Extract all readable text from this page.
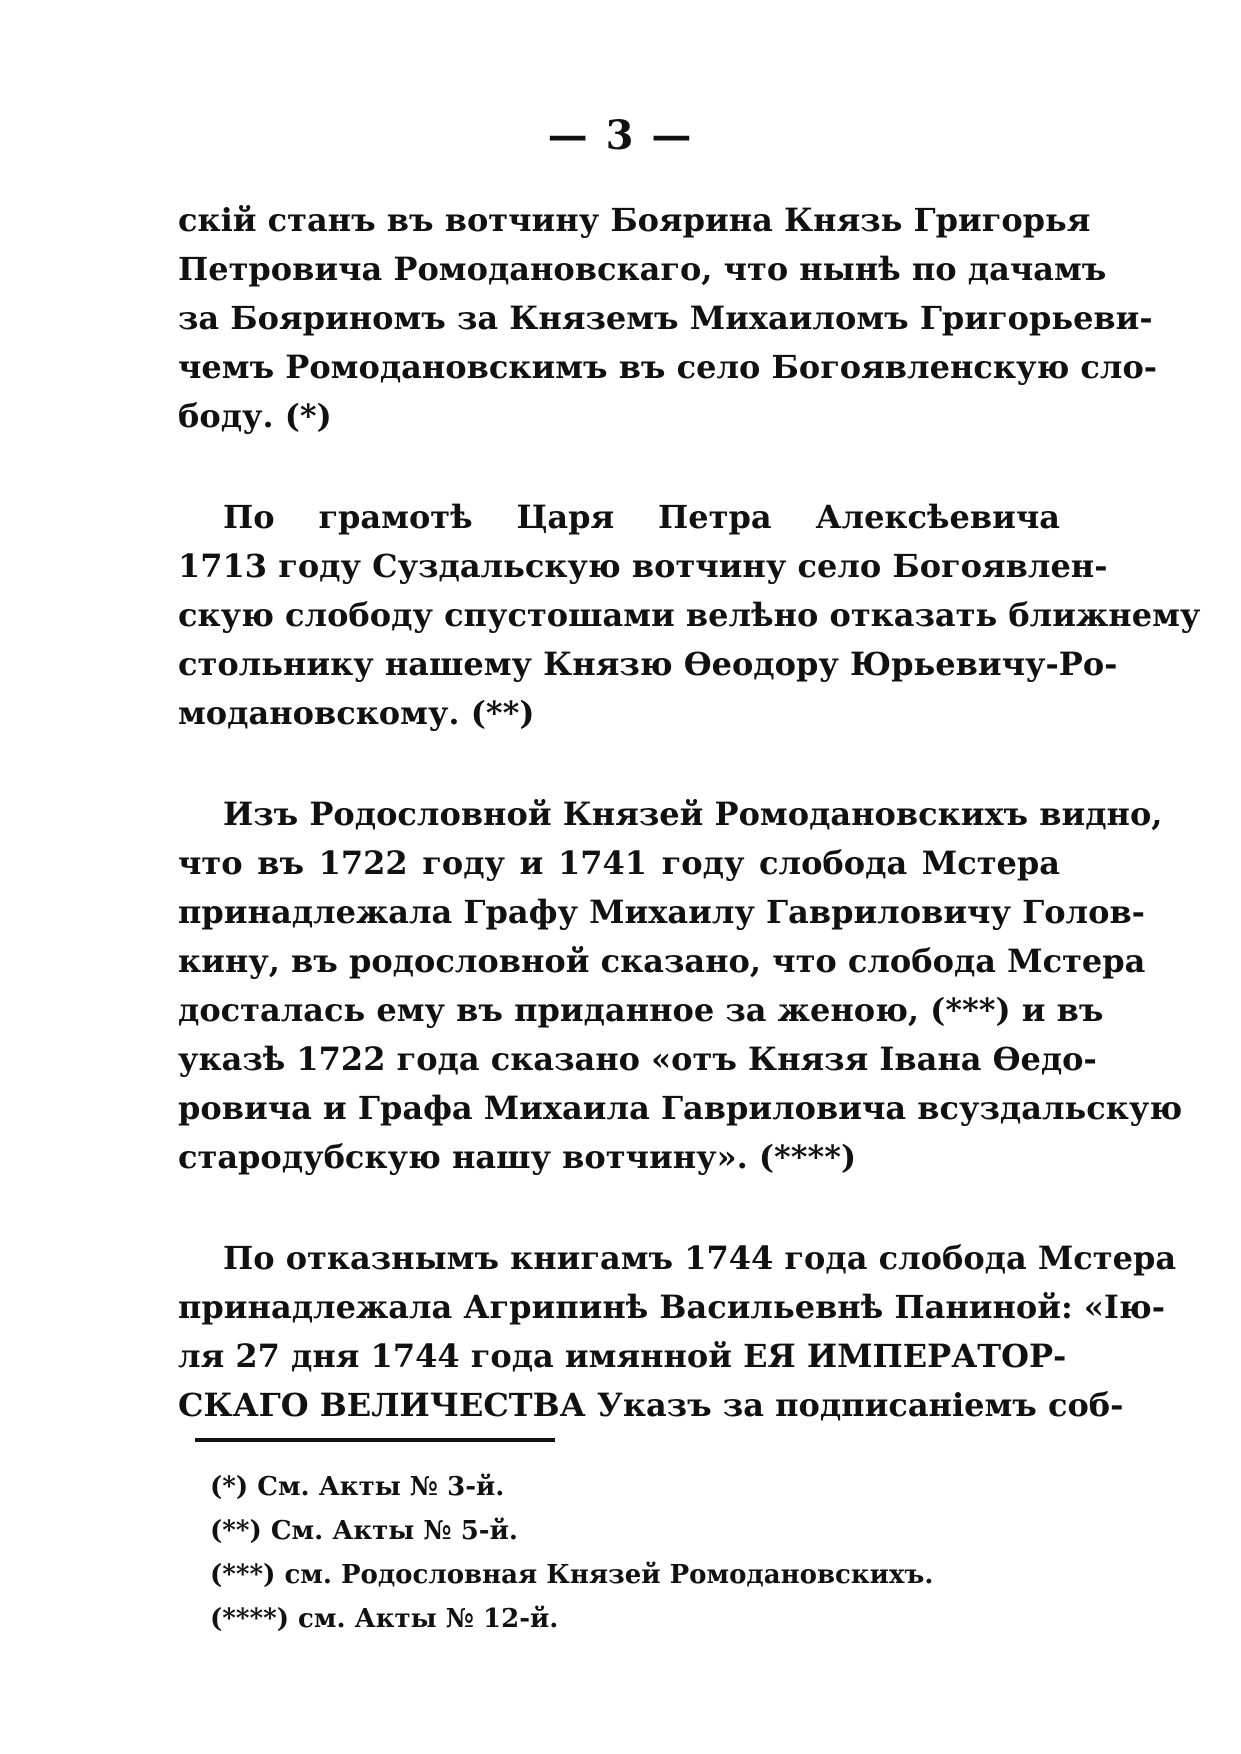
— 3 —
скій станъ въ вотчину Боярина Князь Григорья
Петровича Ромодановскаго, что нынѣ по дачамъ
за Бояриномъ за Княземъ Михаиломъ Григорьеви-
чемъ Ромодановскимъ въ село Богоявленскую сло-
боду. (*)
По грамотѣ Царя Петра Алексѣевича
1713 году Суздальскую вотчину село Богоявлен-
скую слободу спустошами велѣно отказать ближнему
стольнику нашему Князю Ѳеодору Юрьевичу-Ро-
модановскому. (**)
Изъ Родословной Князей Ромодановскихъ видно,
что въ 1722 году и 1741 году слобода Мстера
принадлежала Графу Михаилу Гавриловичу Голов-
кину, въ родословной сказано, что слобода Мстера
досталась ему въ приданное за женою, (***) и въ
указѣ 1722 года сказано «отъ Князя Івана Ѳедо-
ровича и Графа Михаила Гавриловича всуздальскую
стародубскую нашу вотчину». (****)
По отказнымъ книгамъ 1744 года слобода Мстера
принадлежала Агрипинѣ Васильевнѣ Паниной: «Ію-
ля 27 дня 1744 года имянной ЕЯ ИМПЕРАТОР-
СКАГО ВЕЛИЧЕСТВА Указъ за подписаніемъ соб-
(*) См. Акты № 3-й.
(**) См. Акты № 5-й.
(***) см. Родословная Князей Ромодановскихъ.
(****) см. Акты № 12-й.
